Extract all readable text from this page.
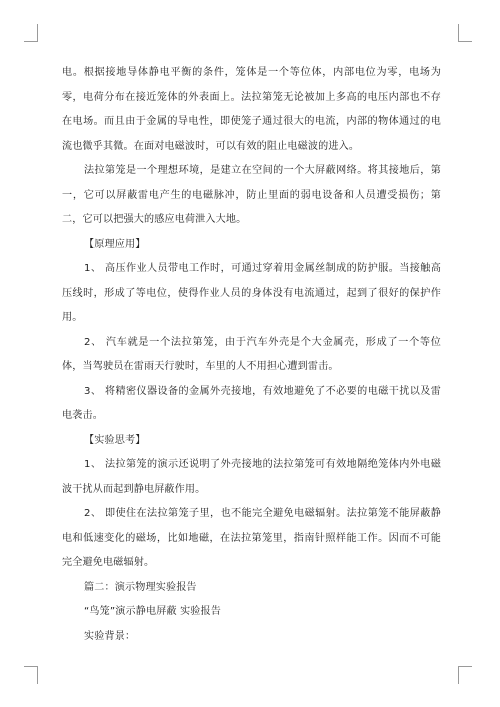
电。根据接地导体静电平衡的条件，笼体是一个等位体，内部电位为零，电场为零，电荷分布在接近笼体的外表面上。法拉第笼无论被加上多高的电压内部也不存在电场。而且由于金属的导电性，即使笼子通过很大的电流，内部的物体通过的电流也微乎其微。在面对电磁波时，可以有效的阻止电磁波的进入。

法拉第笼是一个理想环境，是建立在空间的一个大屏蔽网络。将其接地后，第一，它可以屏蔽雷电产生的电磁脉冲，防止里面的弱电设备和人员遭受损伤；第二，它可以把强大的感应电荷泄入大地。

【原理应用】

1、 高压作业人员带电工作时，可通过穿着用金属丝制成的防护服。当接触高压线时，形成了等电位，使得作业人员的身体没有电流通过，起到了很好的保护作用。

2、 汽车就是一个法拉第笼，由于汽车外壳是个大金属壳，形成了一个等位体，当驾驶员在雷雨天行驶时，车里的人不用担心遭到雷击。

3、 将精密仪器设备的金属外壳接地，有效地避免了不必要的电磁干扰以及雷电袭击。

【实验思考】

1、 法拉第笼的演示还说明了外壳接地的法拉第笼可有效地隔绝笼体内外电磁波干扰从而起到静电屏蔽作用。

2、 即使住在法拉第笼子里，也不能完全避免电磁辐射。法拉第笼不能屏蔽静电和低速变化的磁场，比如地磁，在法拉第笼里，指南针照样能工作。因而不可能完全避免电磁辐射。

篇二：演示物理实验报告

“鸟笼”演示静电屏蔽 实验报告

实验背景：
